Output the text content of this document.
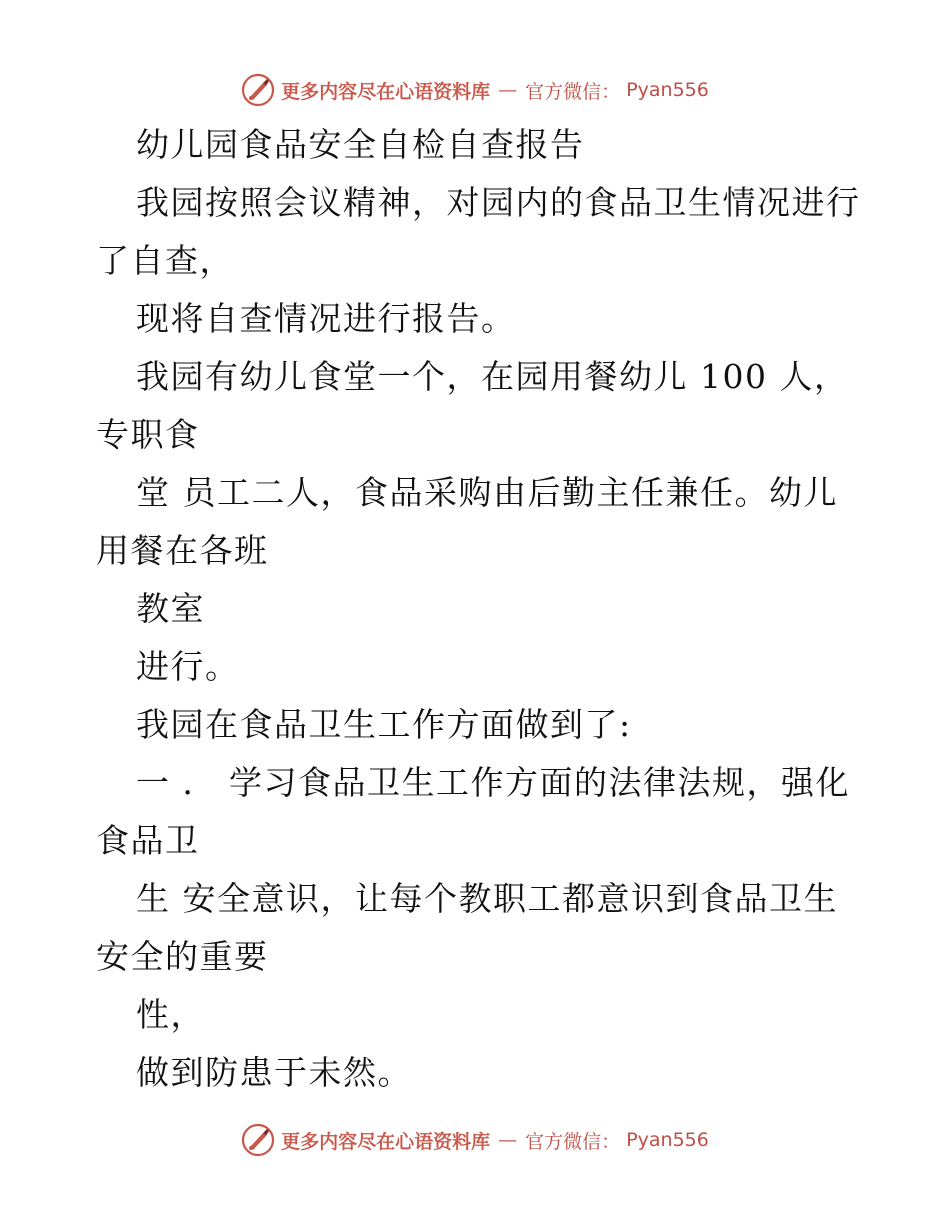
更多内容尽在心语资料库 — 官方微信： Pyan556
幼儿园食品安全自检自查报告
我园按照会议精神，对园内的食品卫生情况进行
了自查，
现将自查情况进行报告。
我园有幼儿食堂一个，在园用餐幼儿 100 人，
专职食
堂 员工二人，食品采购由后勤主任兼任。幼儿
用餐在各班
教室
进行。
我园在食品卫生工作方面做到了:
一 ． 学习食品卫生工作方面的法律法规，强化
食品卫
生 安全意识，让每个教职工都意识到食品卫生
安全的重要
性，
做到防患于未然。
更多内容尽在心语资料库 — 官方微信： Pyan556
